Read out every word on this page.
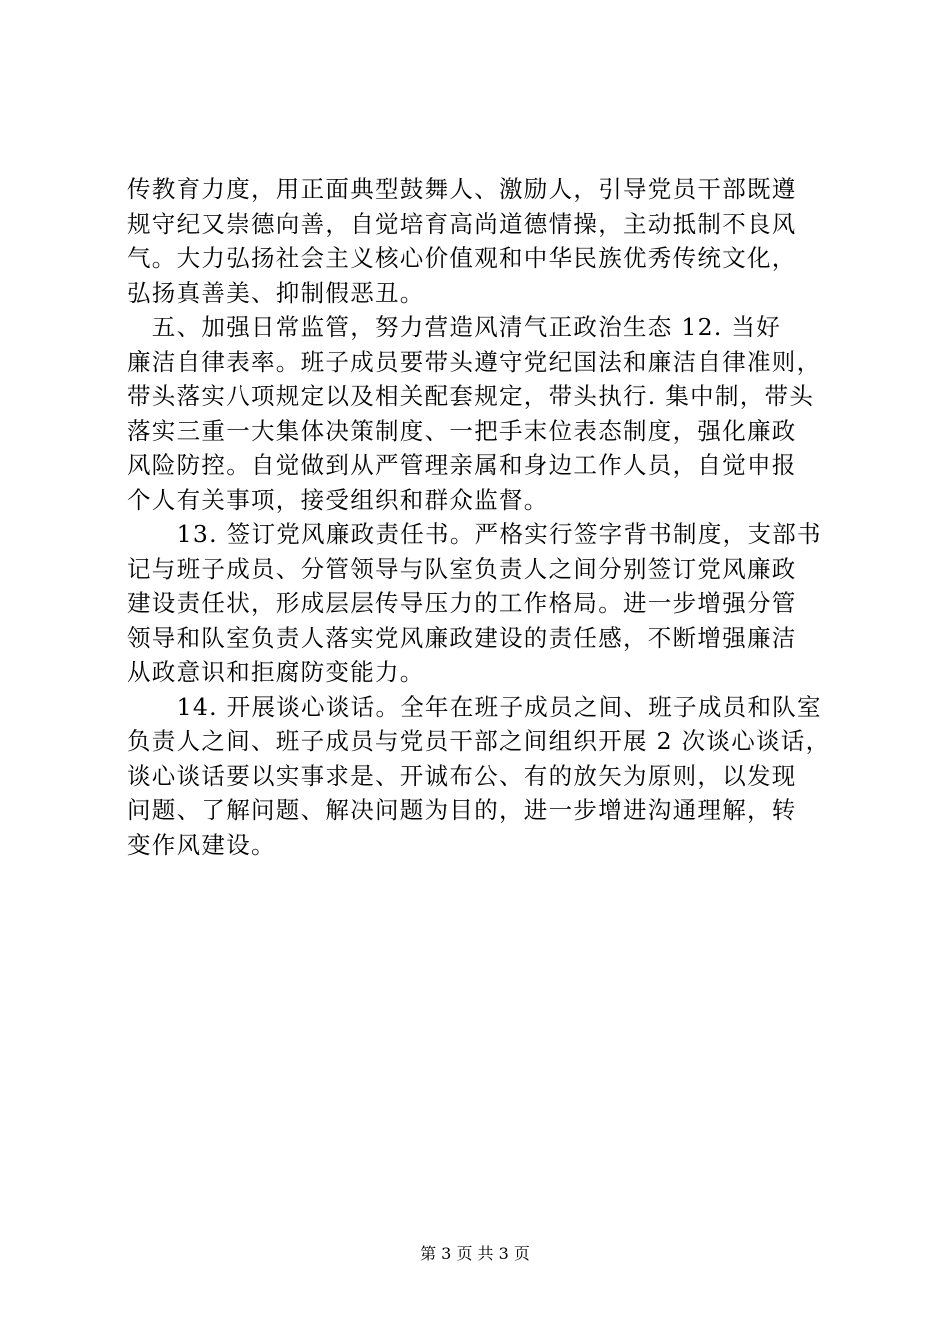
传教育力度，用正面典型鼓舞人、激励人，引导党员干部既遵
规守纪又崇德向善，自觉培育高尚道德情操，主动抵制不良风
气。大力弘扬社会主义核心价值观和中华民族优秀传统文化，
弘扬真善美、抑制假恶丑。
　五、加强日常监管，努力营造风清气正政治生态 12. 当好
廉洁自律表率。班子成员要带头遵守党纪国法和廉洁自律准则，
带头落实八项规定以及相关配套规定，带头执行. 集中制，带头
落实三重一大集体决策制度、一把手末位表态制度，强化廉政
风险防控。自觉做到从严管理亲属和身边工作人员，自觉申报
个人有关事项，接受组织和群众监督。
　　13. 签订党风廉政责任书。严格实行签字背书制度，支部书
记与班子成员、分管领导与队室负责人之间分别签订党风廉政
建设责任状，形成层层传导压力的工作格局。进一步增强分管
领导和队室负责人落实党风廉政建设的责任感，不断增强廉洁
从政意识和拒腐防变能力。
　　14. 开展谈心谈话。全年在班子成员之间、班子成员和队室
负责人之间、班子成员与党员干部之间组织开展 2 次谈心谈话，
谈心谈话要以实事求是、开诚布公、有的放矢为原则，以发现
问题、了解问题、解决问题为目的，进一步增进沟通理解，转
变作风建设。
第 3 页 共 3 页
